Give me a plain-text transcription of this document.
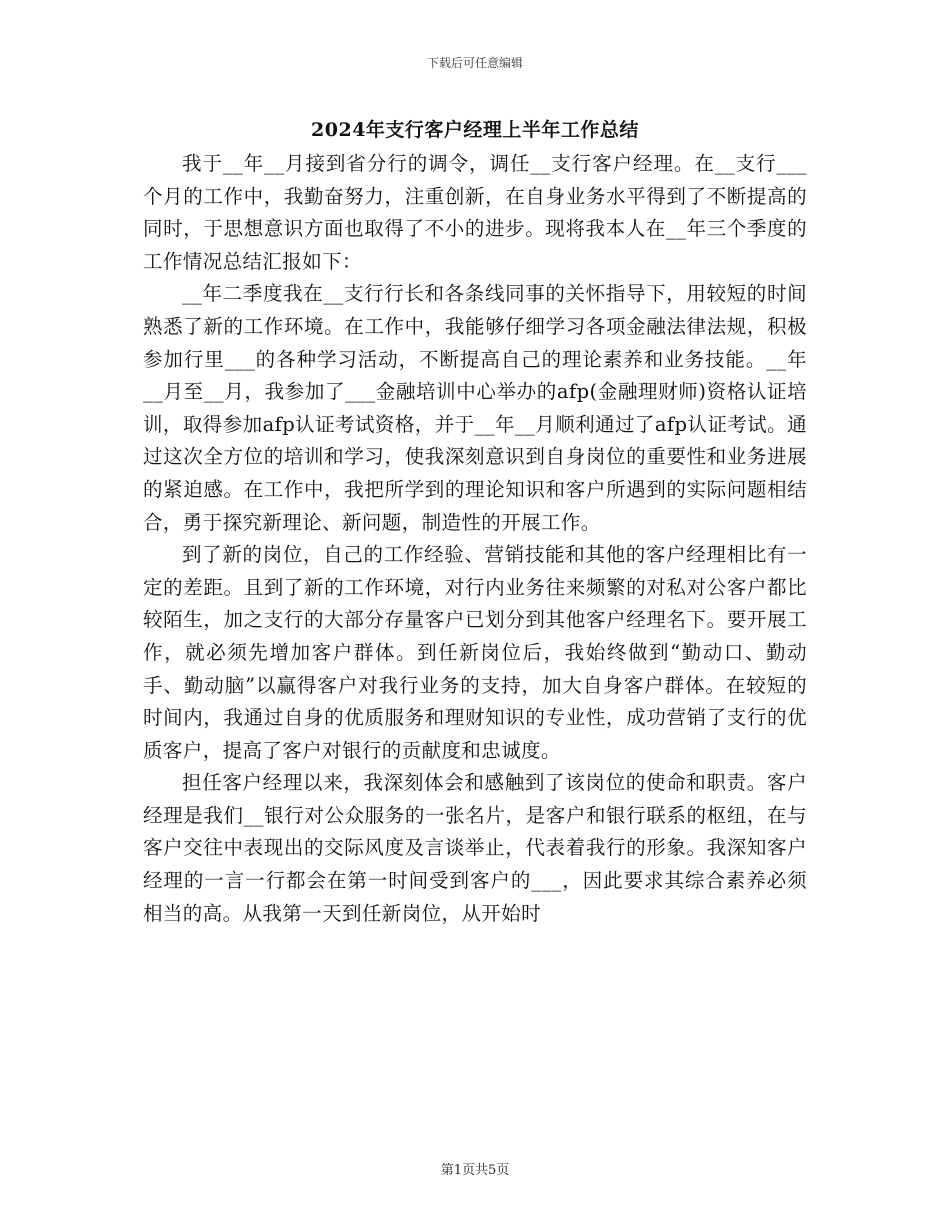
下载后可任意编辑
2024年支行客户经理上半年工作总结

我于__年__月接到省分行的调令，调任__支行客户经理。在__支行___个月的工作中，我勤奋努力，注重创新，在自身业务水平得到了不断提高的同时，于思想意识方面也取得了不小的进步。现将我本人在__年三个季度的工作情况总结汇报如下：

__年二季度我在__支行行长和各条线同事的关怀指导下，用较短的时间熟悉了新的工作环境。在工作中，我能够仔细学习各项金融法律法规，积极参加行里___的各种学习活动，不断提高自己的理论素养和业务技能。__年__月至__月，我参加了___金融培训中心举办的afp(金融理财师)资格认证培训，取得参加afp认证考试资格，并于__年__月顺利通过了afp认证考试。通过这次全方位的培训和学习，使我深刻意识到自身岗位的重要性和业务进展的紧迫感。在工作中，我把所学到的理论知识和客户所遇到的实际问题相结合，勇于探究新理论、新问题，制造性的开展工作。

到了新的岗位，自己的工作经验、营销技能和其他的客户经理相比有一定的差距。且到了新的工作环境，对行内业务往来频繁的对私对公客户都比较陌生，加之支行的大部分存量客户已划分到其他客户经理名下。要开展工作，就必须先增加客户群体。到任新岗位后，我始终做到“勤动口、勤动手、勤动脑”以赢得客户对我行业务的支持，加大自身客户群体。在较短的时间内，我通过自身的优质服务和理财知识的专业性，成功营销了支行的优质客户，提高了客户对银行的贡献度和忠诚度。

担任客户经理以来，我深刻体会和感触到了该岗位的使命和职责。客户经理是我们__银行对公众服务的一张名片，是客户和银行联系的枢纽，在与客户交往中表现出的交际风度及言谈举止，代表着我行的形象。我深知客户经理的一言一行都会在第一时间受到客户的___，因此要求其综合素养必须相当的高。从我第一天到任新岗位，从开始时

第1页共5页
